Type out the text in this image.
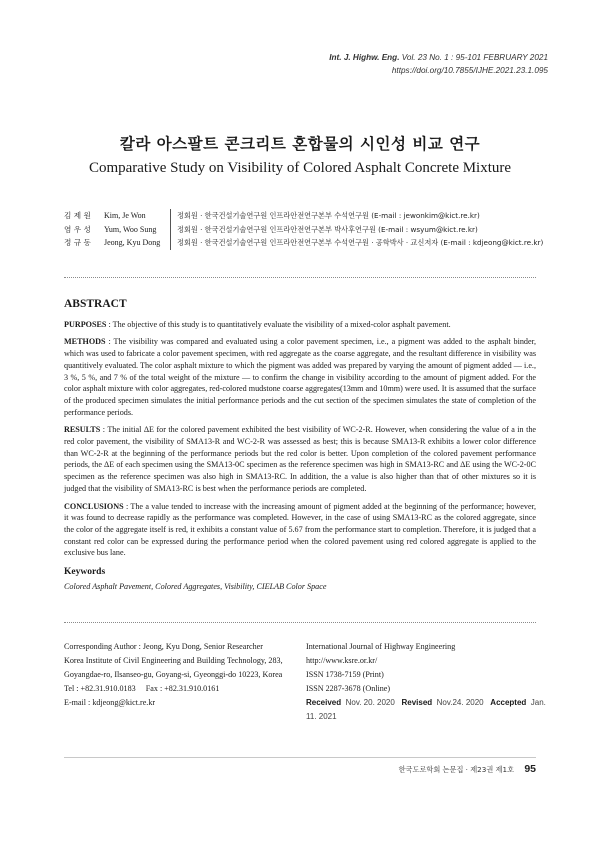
Int. J. Highw. Eng. Vol. 23 No. 1 : 95-101 FEBRUARY 2021
https://doi.org/10.7855/IJHE.2021.23.1.095
칼라 아스팔트 콘크리트 혼합물의 시인성 비교 연구
Comparative Study on Visibility of Colored Asphalt Concrete Mixture
김 제 원	Kim, Je Won	정회원 · 한국건설기술연구원 인프라안전연구본부 수석연구원 (E-mail : jewonkim@kict.re.kr)
염 우 성	Yum, Woo Sung	정회원 · 한국건설기술연구원 인프라안전연구본부 박사후연구원 (E-mail : wsyum@kict.re.kr)
정 규 동	Jeong, Kyu Dong	정회원 · 한국건설기술연구원 인프라안전연구본부 수석연구원 · 공학박사 · 교신저자 (E-mail : kdjeong@kict.re.kr)
ABSTRACT

PURPOSES : The objective of this study is to quantitatively evaluate the visibility of a mixed-color asphalt pavement.

METHODS : The visibility was compared and evaluated using a color pavement specimen, i.e., a pigment was added to the asphalt binder, which was used to fabricate a color pavement specimen, with red aggregate as the coarse aggregate, and the resultant difference in visibility was quantitively evaluated. The color asphalt mixture to which the pigment was added was prepared by varying the amount of pigment added — i.e., 3 %, 5 %, and 7 % of the total weight of the mixture — to confirm the change in visibility according to the amount of pigment added. For the color asphalt mixture with color aggregates, red-colored mudstone coarse aggregates(13mm and 10mm) were used. It is assumed that the surface of the produced specimen simulates the initial performance periods and the cut section of the specimen simulates the state of completion of the performance periods.

RESULTS : The initial ΔE for the colored pavement exhibited the best visibility of WC-2-R. However, when considering the value of a in the red color pavement, the visibility of SMA13-R and WC-2-R was assessed as best; this is because SMA13-R exhibits a lower color difference than WC-2-R at the beginning of the performance periods but the red color is better. Upon completion of the colored pavement performance periods, the ΔE of each specimen using the SMA13-0C specimen as the reference specimen was high in SMA13-RC and ΔE using the WC-2-0C specimen as the reference specimen was also high in SMA13-RC. In addition, the a value is also higher than that of other mixtures so it is judged that the visibility of SMA13-RC is best when the performance periods are completed.

CONCLUSIONS : The a value tended to increase with the increasing amount of pigment added at the beginning of the performance; however, it was found to decrease rapidly as the performance was completed. However, in the case of using SMA13-RC as the colored aggregate, since the color of the aggregate itself is red, it exhibits a constant value of 5.67 from the performance start to completion. Therefore, it is judged that a constant red color can be expressed during the performance period when the colored pavement using red colored aggregate is applied to the exclusive bus lane.

Keywords

Colored Asphalt Pavement, Colored Aggregates, Visibility, CIELAB Color Space

Corresponding Author : Jeong, Kyu Dong, Senior Researcher
Korea Institute of Civil Engineering and Building Technology, 283,
Goyangdae-ro, Ilsanseo-gu, Goyang-si, Gyeonggi-do 10223, Korea
Tel : +82.31.910.0183     Fax : +82.31.910.0161
E-mail : kdjeong@kict.re.kr
International Journal of Highway Engineering
http://www.ksre.or.kr/
ISSN 1738-7159 (Print)
ISSN 2287-3678 (Online)
Received Nov. 20. 2020 Revised Nov.24. 2020 Accepted Jan. 11. 2021
한국도로학회 논문집 · 제23권 제1호 95
